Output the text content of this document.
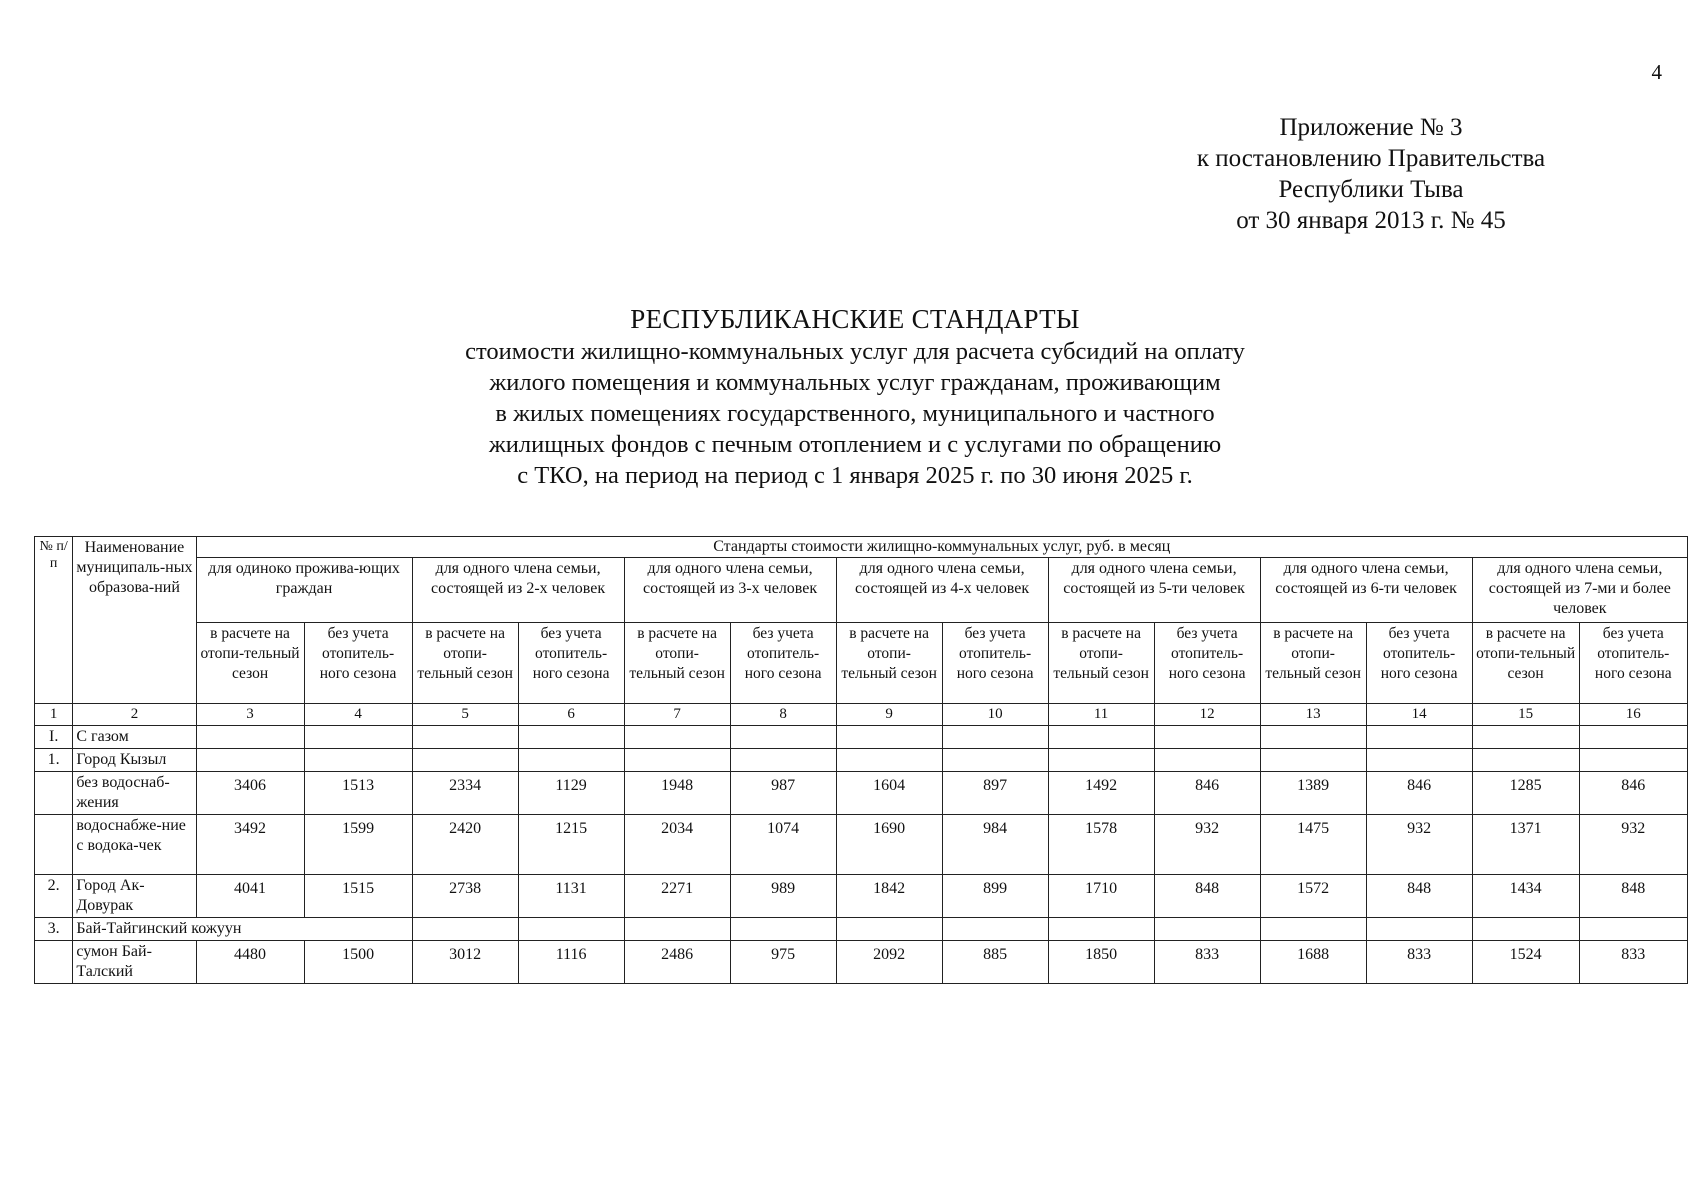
4
Приложение № 3
к постановлению Правительства
Республики Тыва
от 30 января 2013 г. № 45
РЕСПУБЛИКАНСКИЕ СТАНДАРТЫ
стоимости жилищно-коммунальных услуг для расчета субсидий на оплату
жилого помещения и коммунальных услуг гражданам, проживающим
в жилых помещениях государственного, муниципального и частного
жилищных фондов с печным отоплением и с услугами по обращению
с ТКО, на период на период с 1 января 2025 г. по 30 июня 2025 г.
№ п/п	Наименование муниципаль-ных образова-ний	Стандарты стоимости жилищно-коммунальных услуг, руб. в месяц													
		для одиноко прожива-ющих граждан		для одного члена семьи, состоящей из 2-х человек		для одного члена семьи, состоящей из 3-х человек		для одного члена семьи, состоящей из 4-х человек		для одного члена семьи, состоящей из 5-ти человек		для одного члена семьи, состоящей из 6-ти человек		для одного члена семьи, состоящей из 7-ми и более человек	
		в расчете на отопи-тельный сезон	без учета отопитель-ного сезона	в расчете на отопи-тельный сезон	без учета отопитель-ного сезона	в расчете на отопи-тельный сезон	без учета отопитель-ного сезона	в расчете на отопи-тельный сезон	без учета отопитель-ного сезона	в расчете на отопи-тельный сезон	без учета отопитель-ного сезона	в расчете на отопи-тельный сезон	без учета отопитель-ного сезона	в расчете на отопи-тельный сезон	без учета отопитель-ного сезона
1	2	3	4	5	6	7	8	9	10	11	12	13	14	15	16
I.	С газом														
1.	Город Кызыл														
	без водоснаб-жения	3406	1513	2334	1129	1948	987	1604	897	1492	846	1389	846	1285	846
	водоснабже-ние с водока-чек	3492	1599	2420	1215	2034	1074	1690	984	1578	932	1475	932	1371	932
2.	Город Ак-Довурак	4041	1515	2738	1131	2271	989	1842	899	1710	848	1572	848	1434	848
3.	Бай-Тайгинский кожуун														
	сумон Бай-Талский	4480	1500	3012	1116	2486	975	2092	885	1850	833	1688	833	1524	833
